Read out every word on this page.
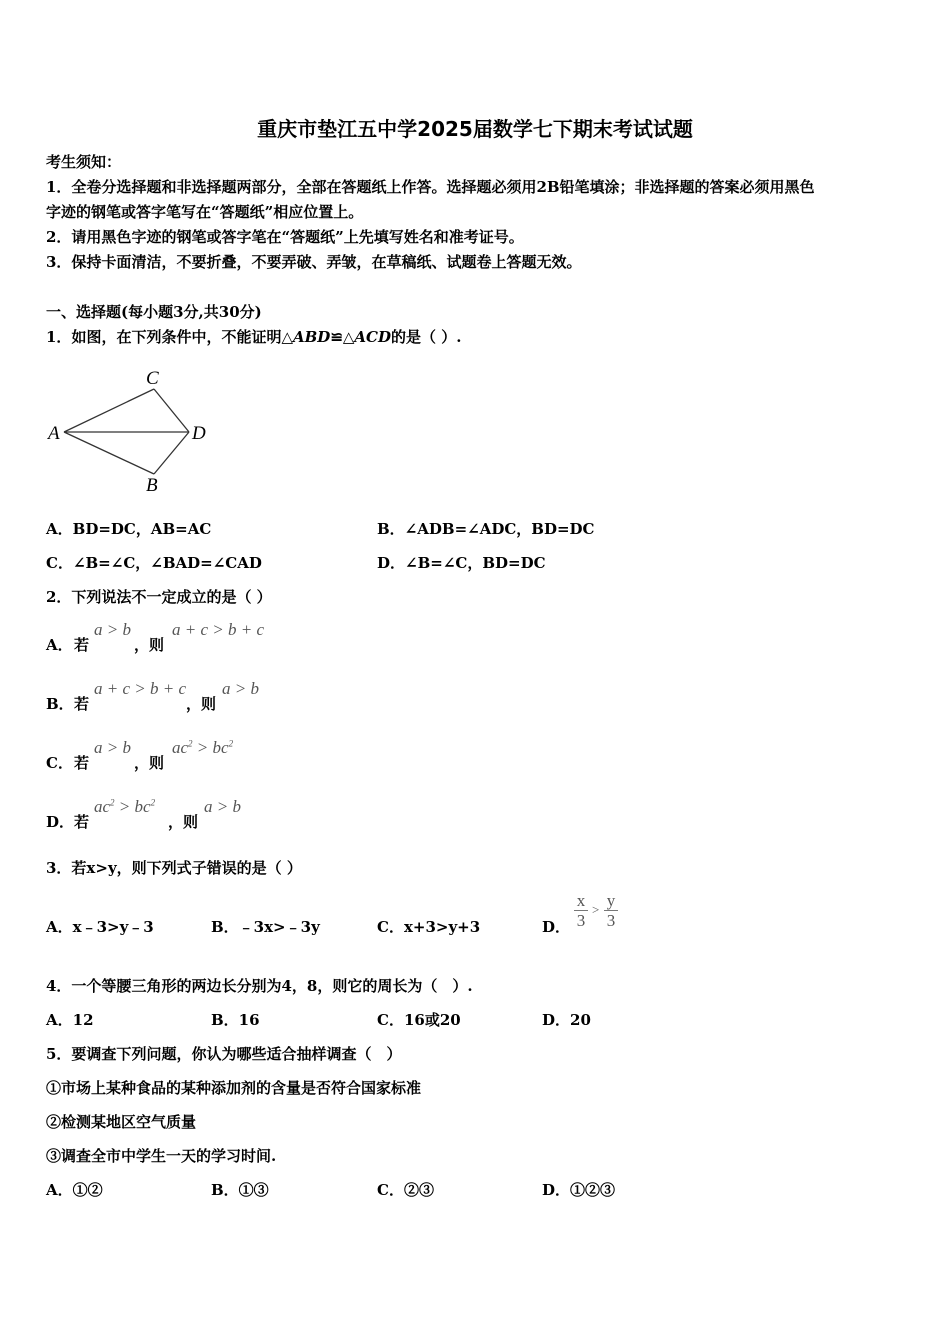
重庆市垫江五中学2025届数学七下期末考试试题
考生须知：
1．全卷分选择题和非选择题两部分，全部在答题纸上作答。选择题必须用2B铅笔填涂；非选择题的答案必须用黑色
字迹的钢笔或答字笔写在“答题纸”相应位置上。
2．请用黑色字迹的钢笔或答字笔在“答题纸”上先填写姓名和准考证号。
3．保持卡面清洁，不要折叠，不要弄破、弄皱，在草稿纸、试题卷上答题无效。
一、选择题(每小题3分,共30分)
1．如图，在下列条件中，不能证明△ABD≌△ACD的是（ ）.
A
C
D
B
A．BD=DC，AB=AC	B．∠ADB=∠ADC，BD=DC
C．∠B=∠C，∠BAD=∠CAD	D．∠B=∠C，BD=DC
2．下列说法不一定成立的是（ ）
A． 若
a > b
，则
a + c > b + c
B． 若
a + c > b + c
，则
a > b
C． 若
a > b
，则
$ac^2 > bc^2$
D． 若
$ac^2 > bc^2$
，则
a > b
3．若x>y，则下列式子错误的是（ ）
A．x﹣3>y﹣3	B．﹣3x>﹣3y	C．x+3>y+3	D．
x
3
> y
3
4．一个等腰三角形的两边长分别为4，8，则它的周长为（　）.
A．12	B．16	C．16或20	D．20
5．要调查下列问题，你认为哪些适合抽样调查（　）
①市场上某种食品的某种添加剂的含量是否符合国家标准
②检测某地区空气质量
③调查全市中学生一天的学习时间.
A．①②	B．①③	C．②③	D．①②③
